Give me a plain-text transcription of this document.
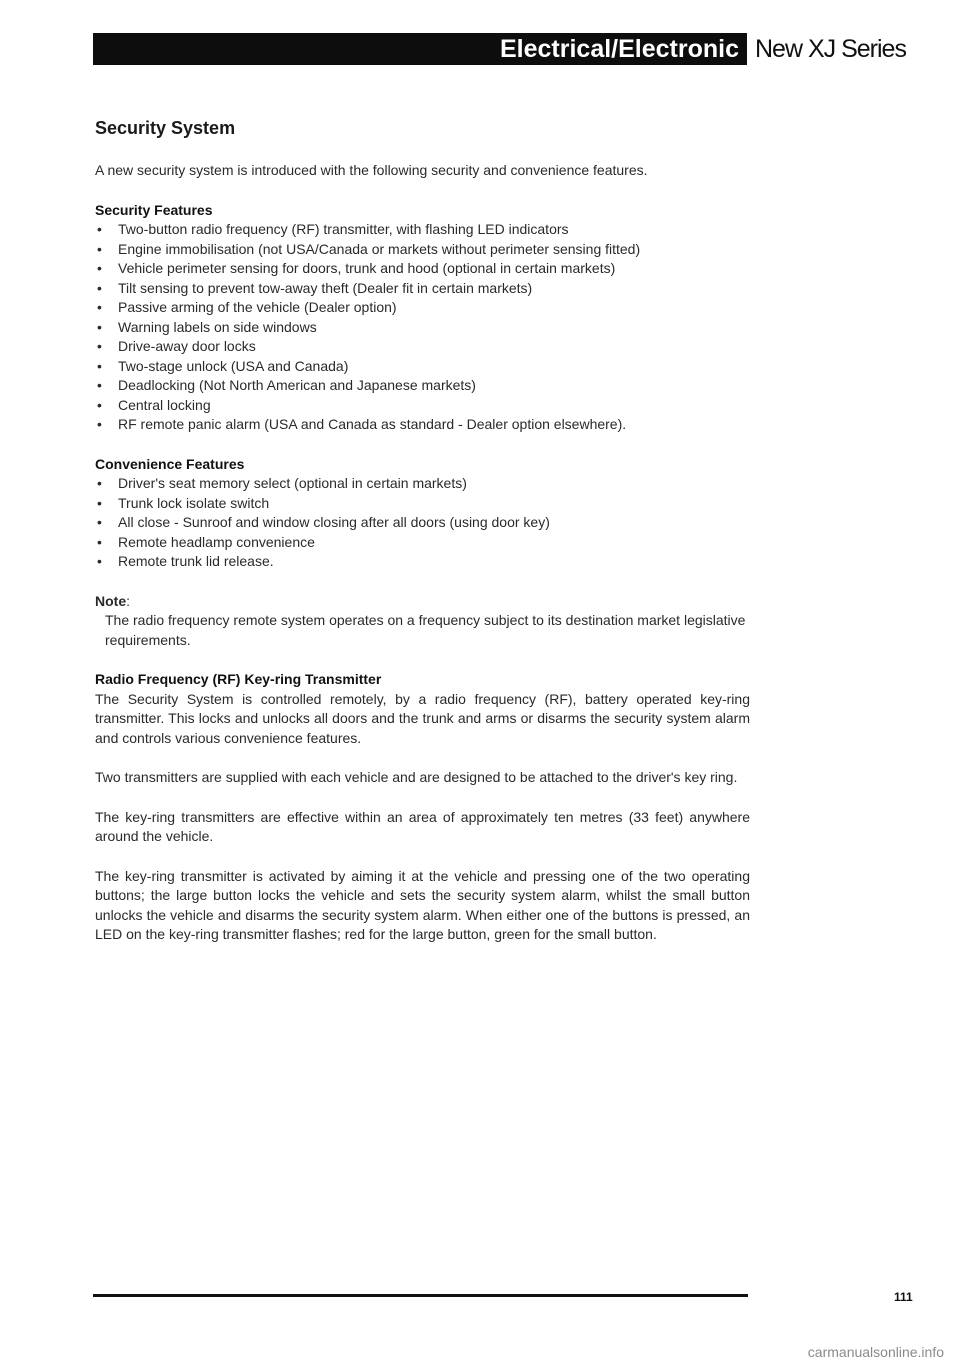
Electrical/Electronic New XJ Series
Security System

A new security system is introduced with the following security and convenience features.

Security Features
• Two-button radio frequency (RF) transmitter, with flashing LED indicators
• Engine immobilisation (not USA/Canada or markets without perimeter sensing fitted)
• Vehicle perimeter sensing for doors, trunk and hood (optional in certain markets)
• Tilt sensing to prevent tow-away theft (Dealer fit in certain markets)
• Passive arming of the vehicle (Dealer option)
• Warning labels on side windows
• Drive-away door locks
• Two-stage unlock (USA and Canada)
• Deadlocking (Not North American and Japanese markets)
• Central locking
• RF remote panic alarm (USA and Canada as standard - Dealer option elsewhere).
Convenience Features
• Driver's seat memory select (optional in certain markets)
• Trunk lock isolate switch
• All close - Sunroof and window closing after all doors (using door key)
• Remote headlamp convenience
• Remote trunk lid release.
Note:

The radio frequency remote system operates on a frequency subject to its destination market legislative requirements.

Radio Frequency (RF) Key-ring Transmitter

The Security System is controlled remotely, by a radio frequency (RF), battery operated key-ring transmitter. This locks and unlocks all doors and the trunk and arms or disarms the security system alarm and controls various convenience features.

Two transmitters are supplied with each vehicle and are designed to be attached to the driver's key ring.

The key-ring transmitters are effective within an area of approximately ten metres (33 feet) anywhere around the vehicle.

The key-ring transmitter is activated by aiming it at the vehicle and pressing one of the two operating buttons; the large button locks the vehicle and sets the security system alarm, whilst the small button unlocks the vehicle and disarms the security system alarm. When either one of the buttons is pressed, an LED on the key-ring transmitter flashes; red for the large button, green for the small button.

111
carmanualsonline.info
